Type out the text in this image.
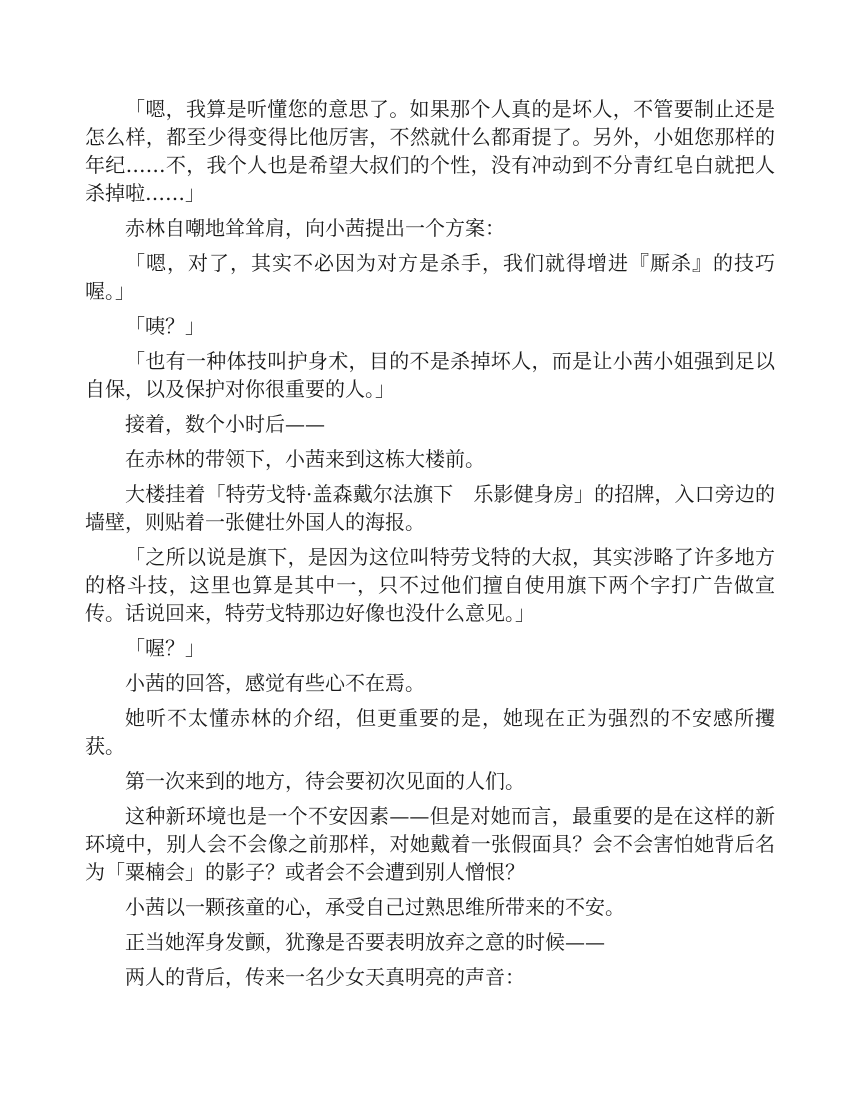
「嗯，我算是听懂您的意思了。如果那个人真的是坏人，不管要制止还是怎么样，都至少得变得比他厉害，不然就什么都甭提了。另外，小姐您那样的年纪……不，我个人也是希望大叔们的个性，没有冲动到不分青红皂白就把人杀掉啦……」

赤林自嘲地耸耸肩，向小茜提出一个方案：

「嗯，对了，其实不必因为对方是杀手，我们就得增进『厮杀』的技巧喔。」

「咦？」

「也有一种体技叫护身术，目的不是杀掉坏人，而是让小茜小姐强到足以自保，以及保护对你很重要的人。」

接着，数个小时后——

在赤林的带领下，小茜来到这栋大楼前。

大楼挂着「特劳戈特·盖森戴尔法旗下　乐影健身房」的招牌，入口旁边的墙壁，则贴着一张健壮外国人的海报。

「之所以说是旗下，是因为这位叫特劳戈特的大叔，其实涉略了许多地方的格斗技，这里也算是其中一，只不过他们擅自使用旗下两个字打广告做宣传。话说回来，特劳戈特那边好像也没什么意见。」

「喔？」

小茜的回答，感觉有些心不在焉。

她听不太懂赤林的介绍，但更重要的是，她现在正为强烈的不安感所攫获。

第一次来到的地方，待会要初次见面的人们。

这种新环境也是一个不安因素——但是对她而言，最重要的是在这样的新环境中，别人会不会像之前那样，对她戴着一张假面具？会不会害怕她背后名为「粟楠会」的影子？或者会不会遭到别人憎恨？

小茜以一颗孩童的心，承受自己过熟思维所带来的不安。

正当她浑身发颤，犹豫是否要表明放弃之意的时候——

两人的背后，传来一名少女天真明亮的声音：
